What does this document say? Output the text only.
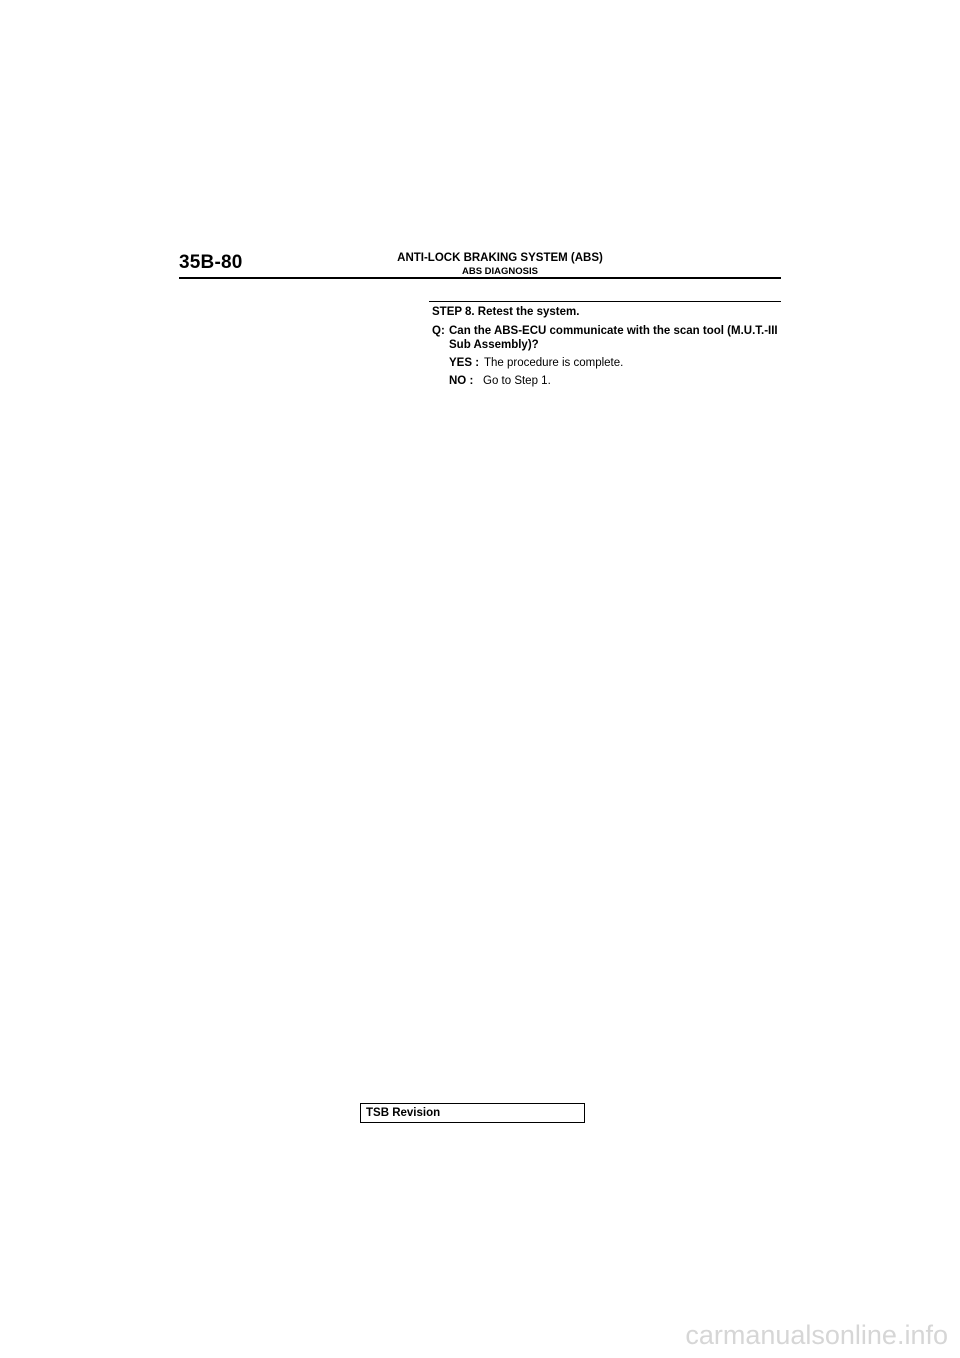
35B-80	ANTI-LOCK BRAKING SYSTEM (ABS)
ABS DIAGNOSIS
STEP 8. Retest the system.
Q: Can the ABS-ECU communicate with the scan tool (M.U.T.-III Sub Assembly)?
YES : The procedure is complete.
NO : Go to Step 1.
TSB Revision
carmanualsonline.info
